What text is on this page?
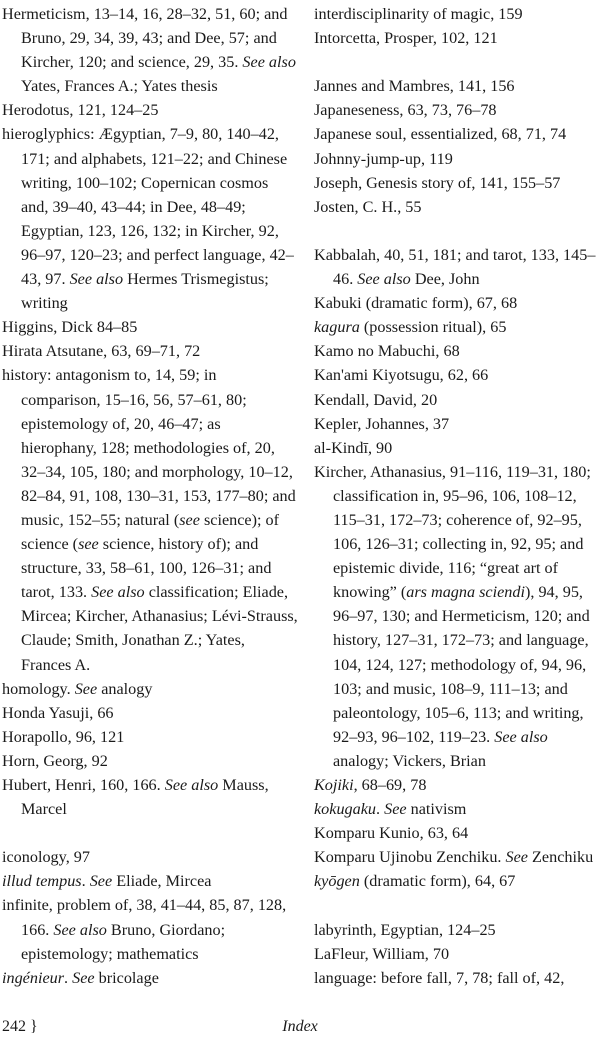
Hermeticism, 13–14, 16, 28–32, 51, 60; and Bruno, 29, 34, 39, 43; and Dee, 57; and Kircher, 120; and science, 29, 35. See also Yates, Frances A.; Yates thesis
Herodotus, 121, 124–25
hieroglyphics: Ægyptian, 7–9, 80, 140–42, 171; and alphabets, 121–22; and Chinese writing, 100–102; Copernican cosmos and, 39–40, 43–44; in Dee, 48–49; Egyptian, 123, 126, 132; in Kircher, 92, 96–97, 120–23; and perfect language, 42–43, 97. See also Hermes Trismegistus; writing
Higgins, Dick 84–85
Hirata Atsutane, 63, 69–71, 72
history: antagonism to, 14, 59; in comparison, 15–16, 56, 57–61, 80; epistemology of, 20, 46–47; as hierophany, 128; methodologies of, 20, 32–34, 105, 180; and morphology, 10–12, 82–84, 91, 108, 130–31, 153, 177–80; and music, 152–55; natural (see science); of science (see science, history of); and structure, 33, 58–61, 100, 126–31; and tarot, 133. See also classification; Eliade, Mircea; Kircher, Athanasius; Lévi-Strauss, Claude; Smith, Jonathan Z.; Yates, Frances A.
homology. See analogy
Honda Yasuji, 66
Horapollo, 96, 121
Horn, Georg, 92
Hubert, Henri, 160, 166. See also Mauss, Marcel
iconology, 97
illud tempus. See Eliade, Mircea
infinite, problem of, 38, 41–44, 85, 87, 128, 166. See also Bruno, Giordano; epistemology; mathematics
ingénieur. See bricolage
interdisciplinarity of magic, 159
Intorcetta, Prosper, 102, 121
Jannes and Mambres, 141, 156
Japaneseness, 63, 73, 76–78
Japanese soul, essentialized, 68, 71, 74
Johnny-jump-up, 119
Joseph, Genesis story of, 141, 155–57
Josten, C. H., 55
Kabbalah, 40, 51, 181; and tarot, 133, 145–46. See also Dee, John
Kabuki (dramatic form), 67, 68
kagura (possession ritual), 65
Kamo no Mabuchi, 68
Kan'ami Kiyotsugu, 62, 66
Kendall, David, 20
Kepler, Johannes, 37
al-Kindī, 90
Kircher, Athanasius, 91–116, 119–31, 180; classification in, 95–96, 106, 108–12, 115–31, 172–73; coherence of, 92–95, 106, 126–31; collecting in, 92, 95; and epistemic divide, 116; “great art of knowing” (ars magna sciendi), 94, 95, 96–97, 130; and Hermeticism, 120; and history, 127–31, 172–73; and language, 104, 124, 127; methodology of, 94, 96, 103; and music, 108–9, 111–13; and paleontology, 105–6, 113; and writing, 92–93, 96–102, 119–23. See also analogy; Vickers, Brian
Kojiki, 68–69, 78
kokugaku. See nativism
Komparu Kunio, 63, 64
Komparu Ujinobu Zenchiku. See Zenchiku
kyōgen (dramatic form), 64, 67
labyrinth, Egyptian, 124–25
LaFleur, William, 70
language: before fall, 7, 78; fall of, 42,
242 }	Index
